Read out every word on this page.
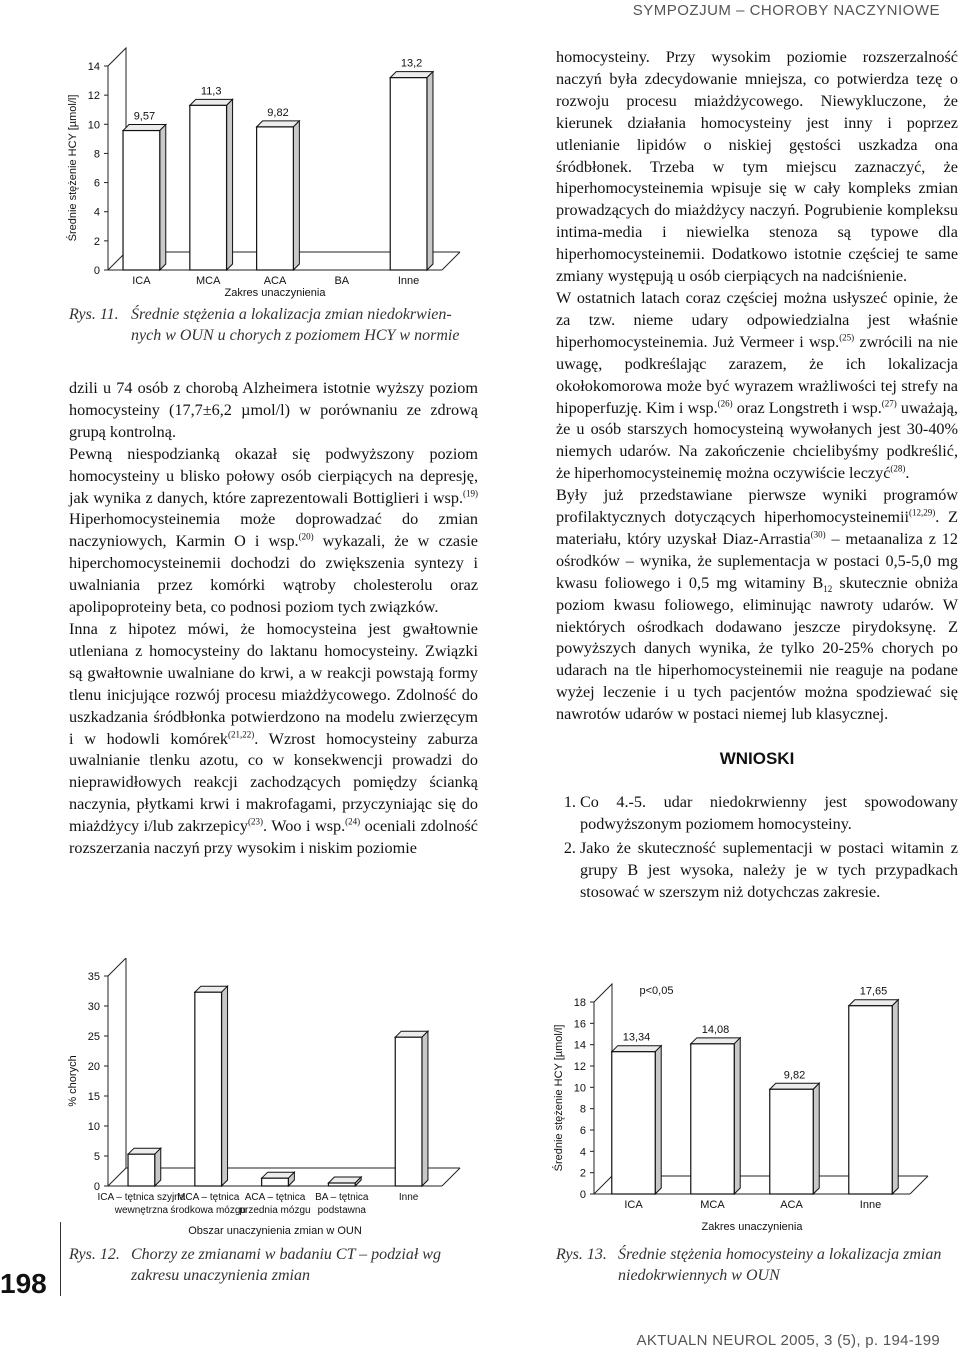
SYMPOZJUM – CHOROBY NACZYNIOWE
0
2
4
6
8
10
12
14
Średnie stężenie HCY [µmol/l]	9,57
ICA
11,3
MCA
9,82
ACA	BA
13,2
Inne
Zakres unaczynienia
Rys. 11. Średnie stężenia a lokalizacja zmian niedokrwien-
nych w OUN u chorych z poziomem HCY w normie

dzili u 74 osób z chorobą Alzheimera istotnie wyższy poziom homocysteiny (17,7±6,2 µmol/l) w porównaniu ze zdrową grupą kontrolną.

Pewną niespodzianką okazał się podwyższony poziom homocysteiny u blisko połowy osób cierpiących na depresję, jak wynika z danych, które zaprezentowali Bottiglieri i wsp.$^{(19)}$ Hiperhomocysteinemia może doprowadzać do zmian naczyniowych, Karmin O i wsp.$^{(20)}$ wykazali, że w czasie hiperchomocysteinemii dochodzi do zwiększenia syntezy i uwalniania przez komórki wątroby cholesterolu oraz apolipoproteiny beta, co podnosi poziom tych związków.

Inna z hipotez mówi, że homocysteina jest gwałtownie utleniana z homocysteiny do laktanu homocysteiny. Związki są gwałtownie uwalniane do krwi, a w reakcji powstają formy tlenu inicjujące rozwój procesu miażdżycowego. Zdolność do uszkadzania śródbłonka potwierdzono na modelu zwierzęcym i w hodowli komórek$^{(21,22)}$. Wzrost homocysteiny zaburza uwalnianie tlenku azotu, co w konsekwencji prowadzi do nieprawidłowych reakcji zachodzących pomiędzy ścianką naczynia, płytkami krwi i makrofagami, przyczyniając się do miażdżycy i/lub zakrzepicy$^{(23)}$. Woo i wsp.$^{(24)}$ oceniali zdolność rozszerzania naczyń przy wysokim i niskim poziomie

0
5
10
15
20
25
30
35
% chorych
ICA – tętnica szyjna
wewnętrzna
MCA – tętnica
środkowa mózgu
ACA – tętnica
przednia mózgu
BA – tętnica
podstawna
Inne
Obszar unaczynienia zmian w OUN
Rys. 12. Chorzy ze zmianami w badaniu CT – podział wg
zakresu unaczynienia zmian

homocysteiny. Przy wysokim poziomie rozszerzalność naczyń była zdecydowanie mniejsza, co potwierdza tezę o rozwoju procesu miażdżycowego. Niewykluczone, że kierunek działania homocysteiny jest inny i poprzez utlenianie lipidów o niskiej gęstości uszkadza ona śródbłonek. Trzeba w tym miejscu zaznaczyć, że hiperhomocysteinemia wpisuje się w cały kompleks zmian prowadzących do miażdżycy naczyń. Pogrubienie kompleksu intima-media i niewielka stenoza są typowe dla hiperhomocysteinemii. Dodatkowo istotnie częściej te same zmiany występują u osób cierpiących na nadciśnienie.

W ostatnich latach coraz częściej można usłyszeć opinie, że za tzw. nieme udary odpowiedzialna jest właśnie hiperhomocysteinemia. Już Vermeer i wsp.$^{(25)}$ zwrócili na nie uwagę, podkreślając zarazem, że ich lokalizacja okołokomorowa może być wyrazem wrażliwości tej strefy na hipoperfuzję. Kim i wsp.$^{(26)}$ oraz Longstreth i wsp.$^{(27)}$ uważają, że u osób starszych homocysteiną wywołanych jest 30-40% niemych udarów. Na zakończenie chcielibyśmy podkreślić, że hiperhomocysteinemię można oczywiście leczyć$^{(28)}$.

Były już przedstawiane pierwsze wyniki programów profilaktycznych dotyczących hiperhomocysteinemii$^{(12,29)}$. Z materiału, który uzyskał Diaz-Arrastia$^{(30)}$ – metaanaliza z 12 ośrodków – wynika, że suplementacja w postaci 0,5-5,0 mg kwasu foliowego i 0,5 mg witaminy $B_{12}$ skutecznie obniża poziom kwasu foliowego, eliminując nawroty udarów. W niektórych ośrodkach dodawano jeszcze pirydoksynę. Z powyższych danych wynika, że tylko 20-25% chorych po udarach na tle hiperhomocysteinemii nie reaguje na podane wyżej leczenie i u tych pacjentów można spodziewać się nawrotów udarów w postaci niemej lub klasycznej.

WNIOSKI
1. Co 4.-5. udar niedokrwienny jest spowodowany podwyższonym poziomem homocysteiny.
2. Jako że skuteczność suplementacji w postaci witamin z grupy B jest wysoka, należy je w tych przypadkach stosować w szerszym niż dotychczas zakresie.
0
2
4
6
8
10
12
14
16
18
Średnie stężenie HCY [µmol/l]	13,34
ICA
14,08
MCA
9,82
ACA
17,65
Inne
p<0,05
Zakres unaczynienia
Rys. 13. Średnie stężenia homocysteiny a lokalizacja zmian
niedokrwiennych w OUN
198
AKTUALN NEUROL 2005, 3 (5), p. 194-199
